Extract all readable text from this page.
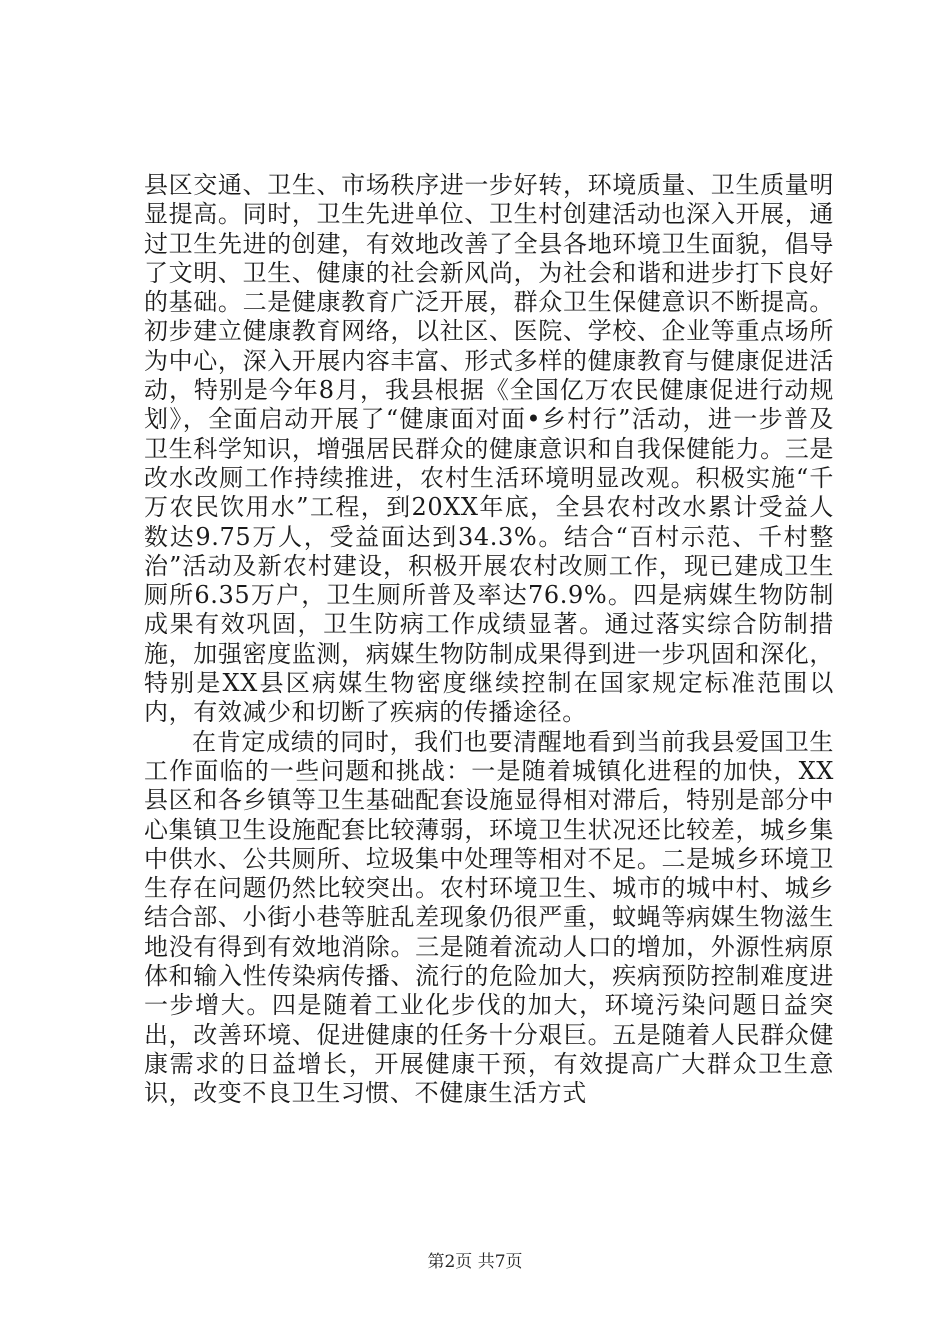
县区交通、卫生、市场秩序进一步好转，环境质量、卫生质量明显提高。同时，卫生先进单位、卫生村创建活动也深入开展，通过卫生先进的创建，有效地改善了全县各地环境卫生面貌，倡导了文明、卫生、健康的社会新风尚，为社会和谐和进步打下良好的基础。二是健康教育广泛开展，群众卫生保健意识不断提高。初步建立健康教育网络，以社区、医院、学校、企业等重点场所为中心，深入开展内容丰富、形式多样的健康教育与健康促进活动，特别是今年8月，我县根据《全国亿万农民健康促进行动规划》，全面启动开展了“健康面对面•乡村行”活动，进一步普及卫生科学知识，增强居民群众的健康意识和自我保健能力。三是改水改厕工作持续推进，农村生活环境明显改观。积极实施“千万农民饮用水”工程，到20XX年底，全县农村改水累计受益人数达9.75万人，受益面达到34.3%。结合“百村示范、千村整治”活动及新农村建设，积极开展农村改厕工作，现已建成卫生厕所6.35万户，卫生厕所普及率达76.9%。四是病媒生物防制成果有效巩固，卫生防病工作成绩显著。通过落实综合防制措施，加强密度监测，病媒生物防制成果得到进一步巩固和深化，特别是XX县区病媒生物密度继续控制在国家规定标准范围以内，有效减少和切断了疾病的传播途径。

在肯定成绩的同时，我们也要清醒地看到当前我县爱国卫生工作面临的一些问题和挑战：一是随着城镇化进程的加快，XX县区和各乡镇等卫生基础配套设施显得相对滞后，特别是部分中心集镇卫生设施配套比较薄弱，环境卫生状况还比较差，城乡集中供水、公共厕所、垃圾集中处理等相对不足。二是城乡环境卫生存在问题仍然比较突出。农村环境卫生、城市的城中村、城乡结合部、小街小巷等脏乱差现象仍很严重，蚊蝇等病媒生物滋生地没有得到有效地消除。三是随着流动人口的增加，外源性病原体和输入性传染病传播、流行的危险加大，疾病预防控制难度进一步增大。四是随着工业化步伐的加大，环境污染问题日益突出，改善环境、促进健康的任务十分艰巨。五是随着人民群众健康需求的日益增长，开展健康干预，有效提高广大群众卫生意识，改变不良卫生习惯、不健康生活方式

第2页 共7页
